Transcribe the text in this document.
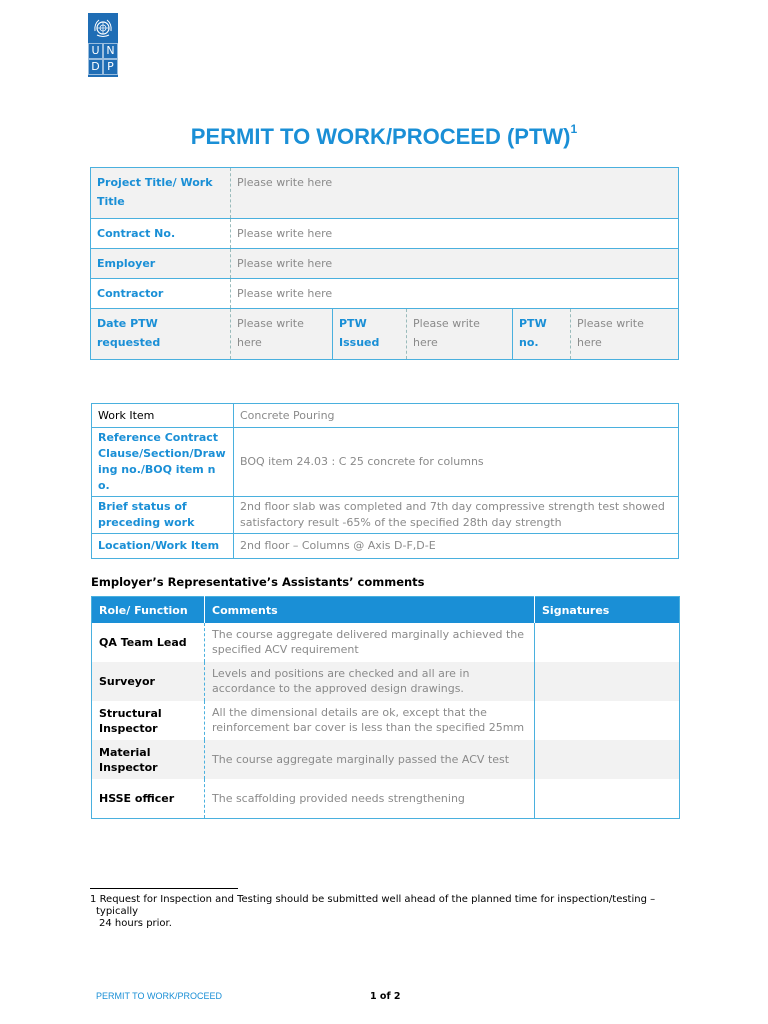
U N
D P
PERMIT TO WORK/PROCEED (PTW)$^1$
Project Title/ Work Title	Please write here				
Contract No.	Please write here				
Employer	Please write here				
Contractor	Please write here				
Date PTW requested	Please write here	PTW Issued	Please write here	PTW no.	Please write here
Work Item	Concrete Pouring
Reference Contract Clause/Section/Drawing no./BOQ item no.	BOQ item 24.03 : C 25 concrete for columns
Brief status of preceding work	2nd floor slab was completed and 7th day compressive strength test showed satisfactory result -65% of the specified 28th day strength
Location/Work Item	2nd floor – Columns @ Axis D-F,D-E
Employer’s Representative’s Assistants’ comments
Role/ Function	Comments	Signatures
QA Team Lead	The course aggregate delivered marginally achieved the specified ACV requirement	
Surveyor	Levels and positions are checked and all are in accordance to the approved design drawings.	
Structural Inspector	All the dimensional details are ok, except that the reinforcement bar cover is less than the specified 25mm	
Material Inspector	The course aggregate marginally passed the ACV test	
HSSE officer	The scaffolding provided needs strengthening	
1 Request for Inspection and Testing should be submitted well ahead of the planned time for inspection/testing –
typically
24 hours prior.
PERMIT TO WORK/PROCEED	1 of 2
